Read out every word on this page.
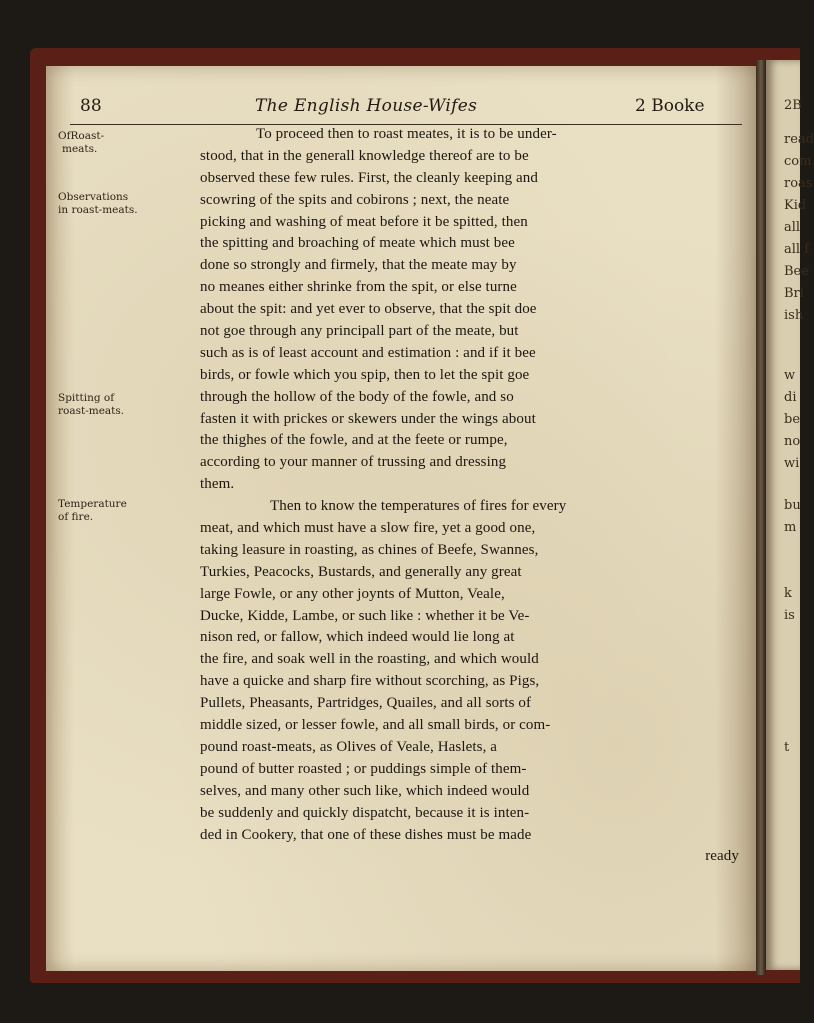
2B
read
com
roas
Kid
all
all f
Bee
Bri
ish
w
di
be
no
wi
bu
m
k
is
t
88	The English House-Wifes	2 Booke
OfRoast-
meats.
Observations
in roast-meats.
Spitting of
roast-meats.
Temperature
of fire.
To proceed then to roast meates, it is to be under-
stood, that in the generall knowledge thereof are to be
observed these few rules. First, the cleanly keeping and
scowring of the spits and cobirons ; next, the neate
picking and washing of meat before it be spitted, then
the spitting and broaching of meate which must bee
done so strongly and firmely, that the meate may by
no meanes either shrinke from the spit, or else turne
about the spit: and yet ever to observe, that the spit doe
not goe through any principall part of the meate, but
such as is of least account and estimation : and if it bee
birds, or fowle which you spip, then to let the spit goe
through the hollow of the body of the fowle, and so
fasten it with prickes or skewers under the wings about
the thighes of the fowle, and at the feete or rumpe,
according to your manner of trussing and dressing
them.
Then to know the temperatures of fires for every
meat, and which must have a slow fire, yet a good one,
taking leasure in roasting, as chines of Beefe, Swannes,
Turkies, Peacocks, Bustards, and generally any great
large Fowle, or any other joynts of Mutton, Veale,
Ducke, Kidde, Lambe, or such like : whether it be Ve-
nison red, or fallow, which indeed would lie long at
the fire, and soak well in the roasting, and which would
have a quicke and sharp fire without scorching, as Pigs,
Pullets, Pheasants, Partridges, Quailes, and all sorts of
middle sized, or lesser fowle, and all small birds, or com-
pound roast-meats, as Olives of Veale, Haslets, a
pound of butter roasted ; or puddings simple of them-
selves, and many other such like, which indeed would
be suddenly and quickly dispatcht, because it is inten-
ded in Cookery, that one of these dishes must be made
ready
